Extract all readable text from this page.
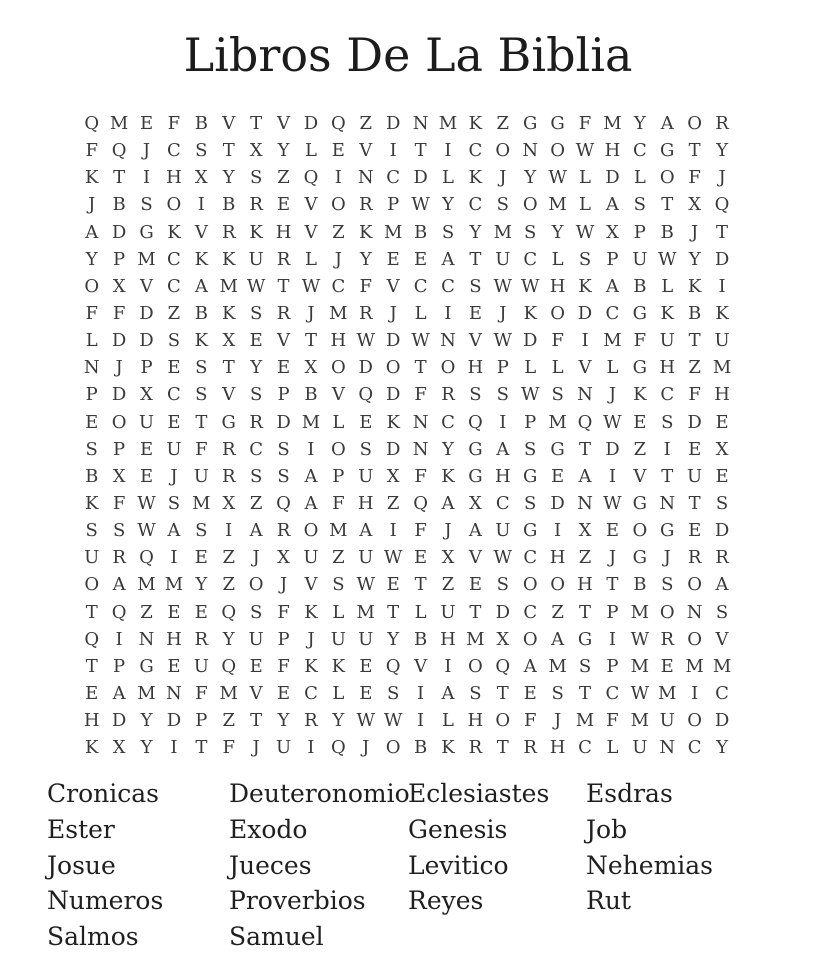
Libros De La Biblia
Q M E F B V T V D Q Z D N M K Z G G F M Y A O R
F Q J C S T X Y L E V I T I C O N O W H C G T Y
K T I H X Y S Z Q I N C D L K J Y W L D L O F J
J B S O I B R E V O R P W Y C S O M L A S T X Q
A D G K V R K H V Z K M B S Y M S Y W X P B J T
Y P M C K K U R L J Y E E A T U C L S P U W Y D
O X V C A M W T W C F V C C S W W H K A B L K I
F F D Z B K S R J M R J L I E J K O D C G K B K
L D D S K X E V T H W D W N V W D F I M F U T U
N J P E S T Y E X O D O T O H P L L V L G H Z M
P D X C S V S P B V Q D F R S S W S N J K C F H
E O U E T G R D M L E K N C Q I P M Q W E S D E
S P E U F R C S I O S D N Y G A S G T D Z I E X
B X E J U R S S A P U X F K G H G E A I V T U E
K F W S M X Z Q A F H Z Q A X C S D N W G N T S
S S W A S I A R O M A I F J A U G I X E O G E D
U R Q I E Z J X U Z U W E X V W C H Z J G J R R
O A M M Y Z O J V S W E T Z E S O O H T B S O A
T Q Z E E Q S F K L M T L U T D C Z T P M O N S
Q I N H R Y U P J U U Y B H M X O A G I W R O V
T P G E U Q E F K K E Q V I O Q A M S P M E M M
E A M N F M V E C L E S I A S T E S T C W M I C
H D Y D P Z T Y R Y W W I L H O F J M F M U O D
K X Y I T F J U I Q J O B K R T R H C L U N C Y
Cronicas
Ester
Josue
Numeros
Salmos
Deuteronomio
Exodo
Jueces
Proverbios
Samuel
Eclesiastes
Genesis
Levitico
Reyes
Esdras
Job
Nehemias
Rut
